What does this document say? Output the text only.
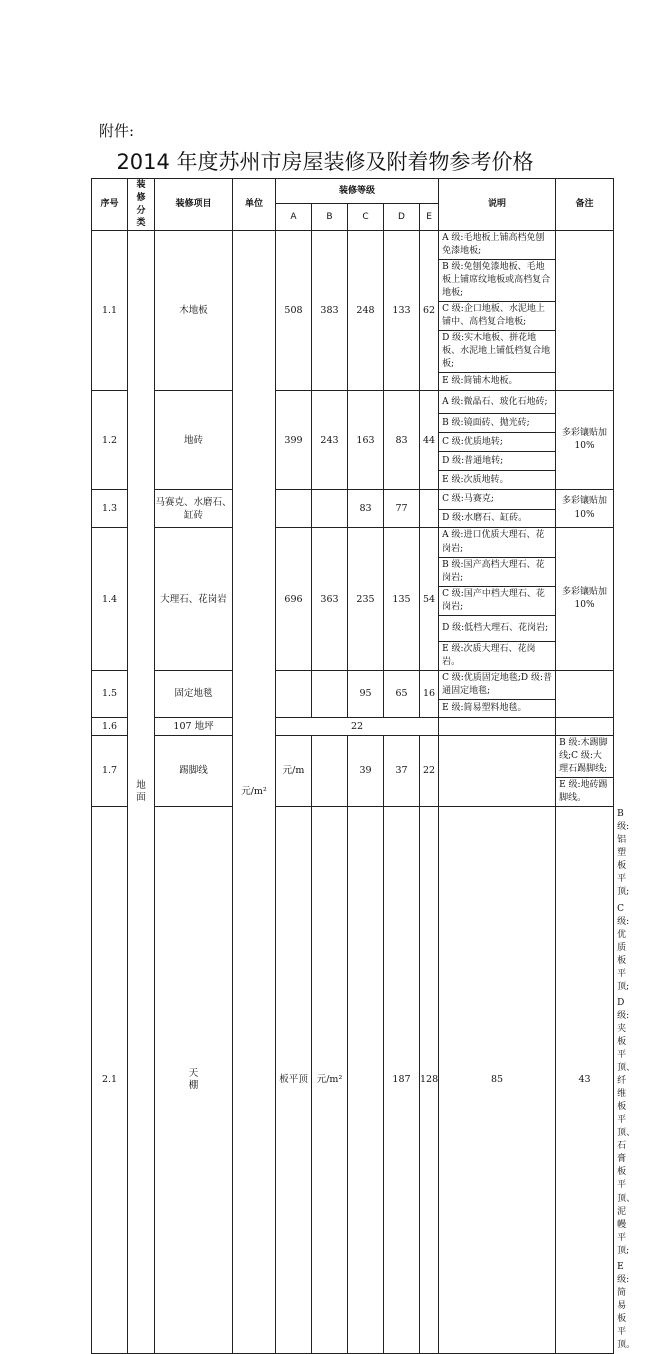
附件:
2014 年度苏州市房屋装修及附着物参考价格
序号	装修分类	装修项目	单位	装修等级					说明	备注	
				A	B	C	D	E			
1.1	地面	木地板	元/m²	508	383	248	133	62	A 级:毛地板上铺高档免刨免漆地板;		
									B 级:免刨免漆地板、毛地板上铺席纹地板或高档复合地板;		
									C 级:企口地板、水泥地上铺中、高档复合地板;		
									D 级:实木地板、拼花地板、水泥地上铺低档复合地板;		
									E 级:简铺木地板。		
1.2		地砖		399	243	163	83	44	A 级:微晶石、玻化石地砖;	多彩镶贴加 10%	
									B 级:镜面砖、抛光砖;		
									C 级:优质地转;		
									D 级:普通地转;		
									E 级:次质地转。		
1.3		马赛克、水磨石、缸砖				83	77		C 级:马赛克;	多彩镶贴加 10%	
									D 级:水磨石、缸砖。		
1.4		大理石、花岗岩		696	363	235	135	54	A 级:进口优质大理石、花岗岩;	多彩镶贴加 10%	
									B 级:国产高档大理石、花岗岩;		
									C 级:国产中档大理石、花岗岩;		
									D 级:低档大理石、花岗岩;		
									E 级:次质大理石、花岗岩。		
1.5		固定地毯				95	65	16	C 级:优质固定地毯;D 级:普通固定地毯;		
									E 级:简易塑料地毯。		
1.6		107 地坪		22							
1.7		踢脚线		元/m		39	37	22		B 级:木踢脚线;C 级:大理石踢脚线;	
										E 级:地砖踢脚线。	
2.1		天棚		板平顶	元/m²		187	128	85	43	B 级:铝塑板平顶;	
											C 级:优质板平顶;
											D 级:夹板平顶、纤维板平顶、石膏板平顶、泥幔平顶;
											E 级:简易板平顶。
